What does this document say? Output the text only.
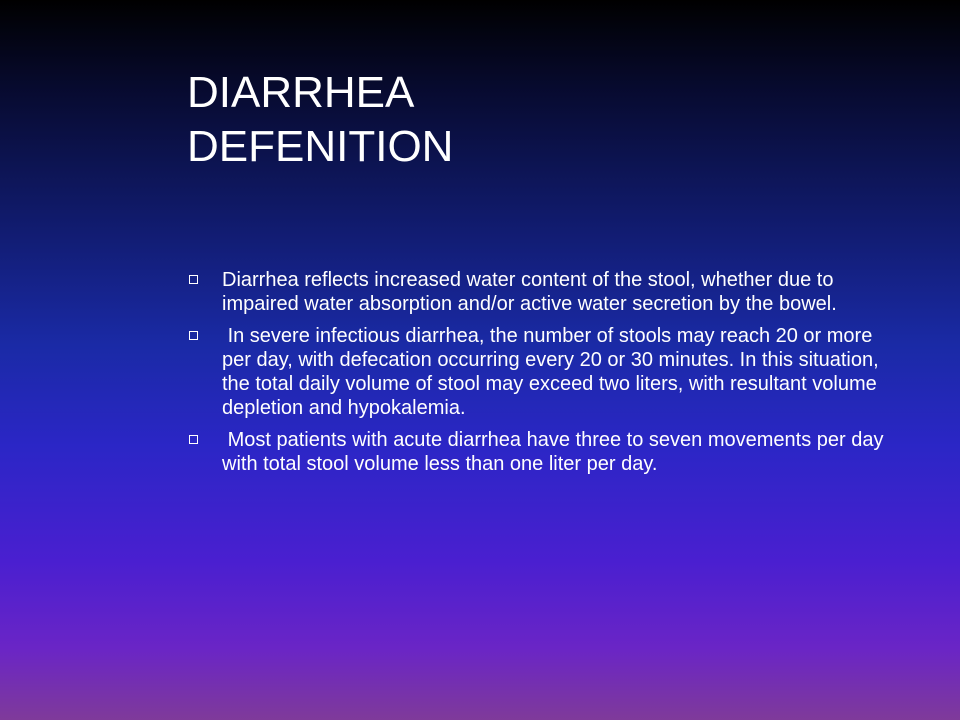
DIARRHEA
DEFENITION
Diarrhea reflects increased water content of the stool, whether due to impaired water absorption and/or active water secretion by the bowel.
In severe infectious diarrhea, the number of stools may reach 20 or more per day, with defecation occurring every 20 or 30 minutes. In this situation, the total daily volume of stool may exceed two liters, with resultant volume depletion and hypokalemia.
Most patients with acute diarrhea have three to seven movements per day with total stool volume less than one liter per day.
